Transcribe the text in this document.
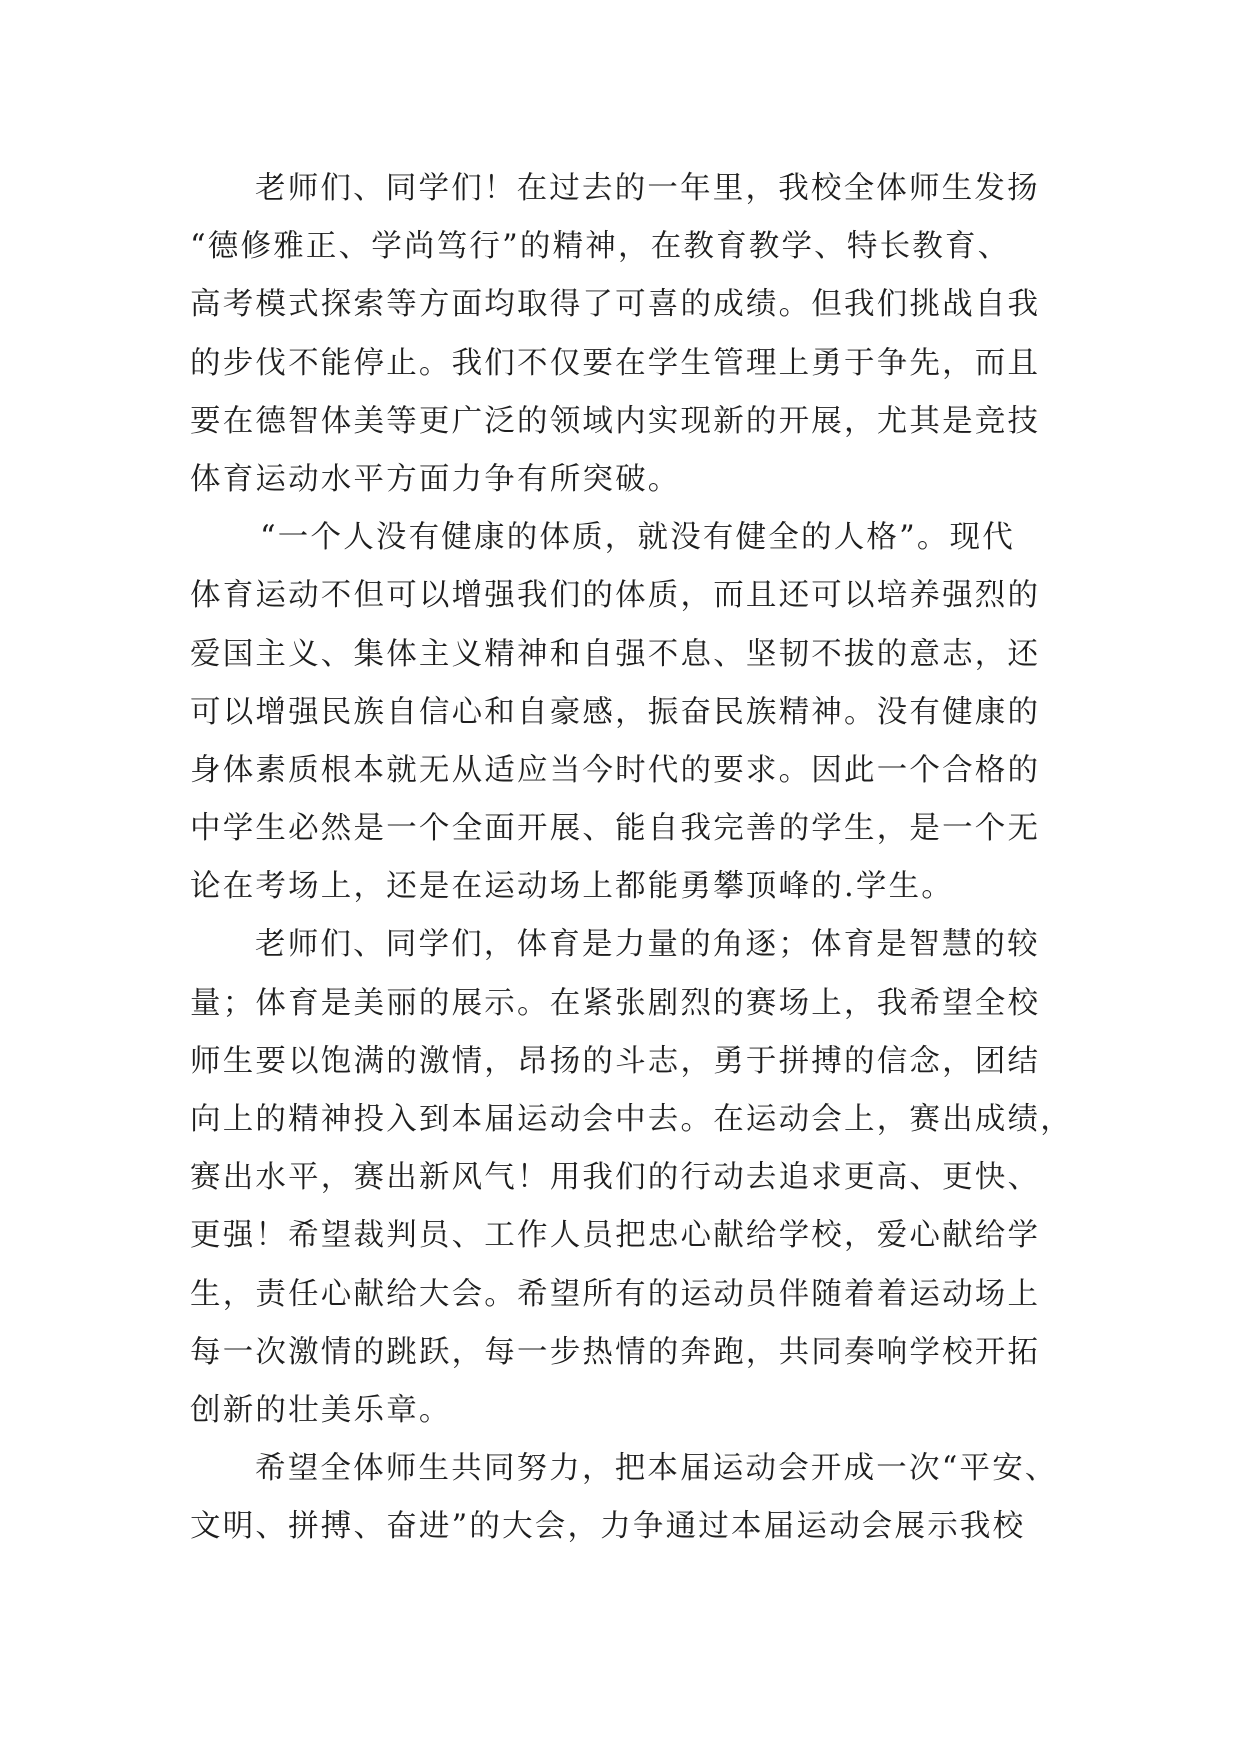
老师们、同学们！在过去的一年里，我校全体师生发扬
“德修雅正、学尚笃行”的精神，在教育教学、特长教育、
高考模式探索等方面均取得了可喜的成绩。但我们挑战自我
的步伐不能停止。我们不仅要在学生管理上勇于争先，而且
要在德智体美等更广泛的领域内实现新的开展，尤其是竞技
体育运动水平方面力争有所突破。
“一个人没有健康的体质，就没有健全的人格”。现代
体育运动不但可以增强我们的体质，而且还可以培养强烈的
爱国主义、集体主义精神和自强不息、坚韧不拔的意志，还
可以增强民族自信心和自豪感，振奋民族精神。没有健康的
身体素质根本就无从适应当今时代的要求。因此一个合格的
中学生必然是一个全面开展、能自我完善的学生，是一个无
论在考场上，还是在运动场上都能勇攀顶峰的.学生。
老师们、同学们，体育是力量的角逐；体育是智慧的较
量；体育是美丽的展示。在紧张剧烈的赛场上，我希望全校
师生要以饱满的激情，昂扬的斗志，勇于拼搏的信念，团结
向上的精神投入到本届运动会中去。在运动会上，赛出成绩，
赛出水平，赛出新风气！用我们的行动去追求更高、更快、
更强！希望裁判员、工作人员把忠心献给学校，爱心献给学
生，责任心献给大会。希望所有的运动员伴随着着运动场上
每一次激情的跳跃，每一步热情的奔跑，共同奏响学校开拓
创新的壮美乐章。
希望全体师生共同努力，把本届运动会开成一次“平安、
文明、拼搏、奋进”的大会，力争通过本届运动会展示我校
